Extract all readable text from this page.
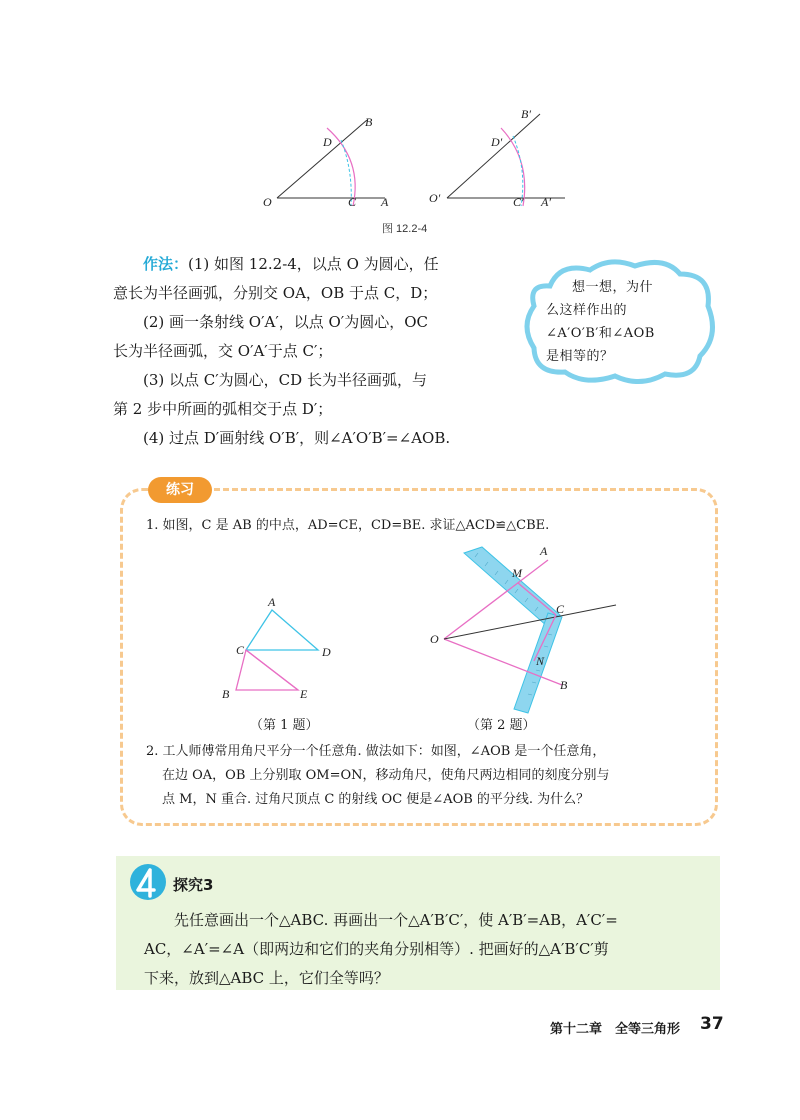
O	A
B
C
D
O′	A′
B′
C′
D′
图 12.2-4

作法：(1) 如图 12.2-4，以点 O 为圆心，任

意长为半径画弧，分别交 OA，OB 于点 C，D；

(2) 画一条射线 O′A′，以点 O′为圆心，OC

长为半径画弧，交 O′A′于点 C′；

(3) 以点 C′为圆心，CD 长为半径画弧，与

第 2 步中所画的弧相交于点 D′；

(4) 过点 D′画射线 O′B′，则∠A′O′B′=∠AOB.

想一想，为什
么这样作出的
∠A′O′B′和∠AOB
是相等的？
练习
1. 如图，C 是 AB 的中点，AD=CE，CD=BE. 求证△ACD≌△CBE.
A
C	D
B	E
（第 1 题）
A
M
C
O
N
B
（第 2 题）
2. 工人师傅常用角尺平分一个任意角. 做法如下：如图，∠AOB 是一个任意角，
在边 OA，OB 上分别取 OM=ON，移动角尺，使角尺两边相同的刻度分别与
点 M，N 重合. 过角尺顶点 C 的射线 OC 便是∠AOB 的平分线. 为什么？
探究3
先任意画出一个△ABC. 再画出一个△A′B′C′，使 A′B′=AB，A′C′=
AC，∠A′=∠A（即两边和它们的夹角分别相等）. 把画好的△A′B′C′剪
下来，放到△ABC 上，它们全等吗？
第十二章　全等三角形 37
